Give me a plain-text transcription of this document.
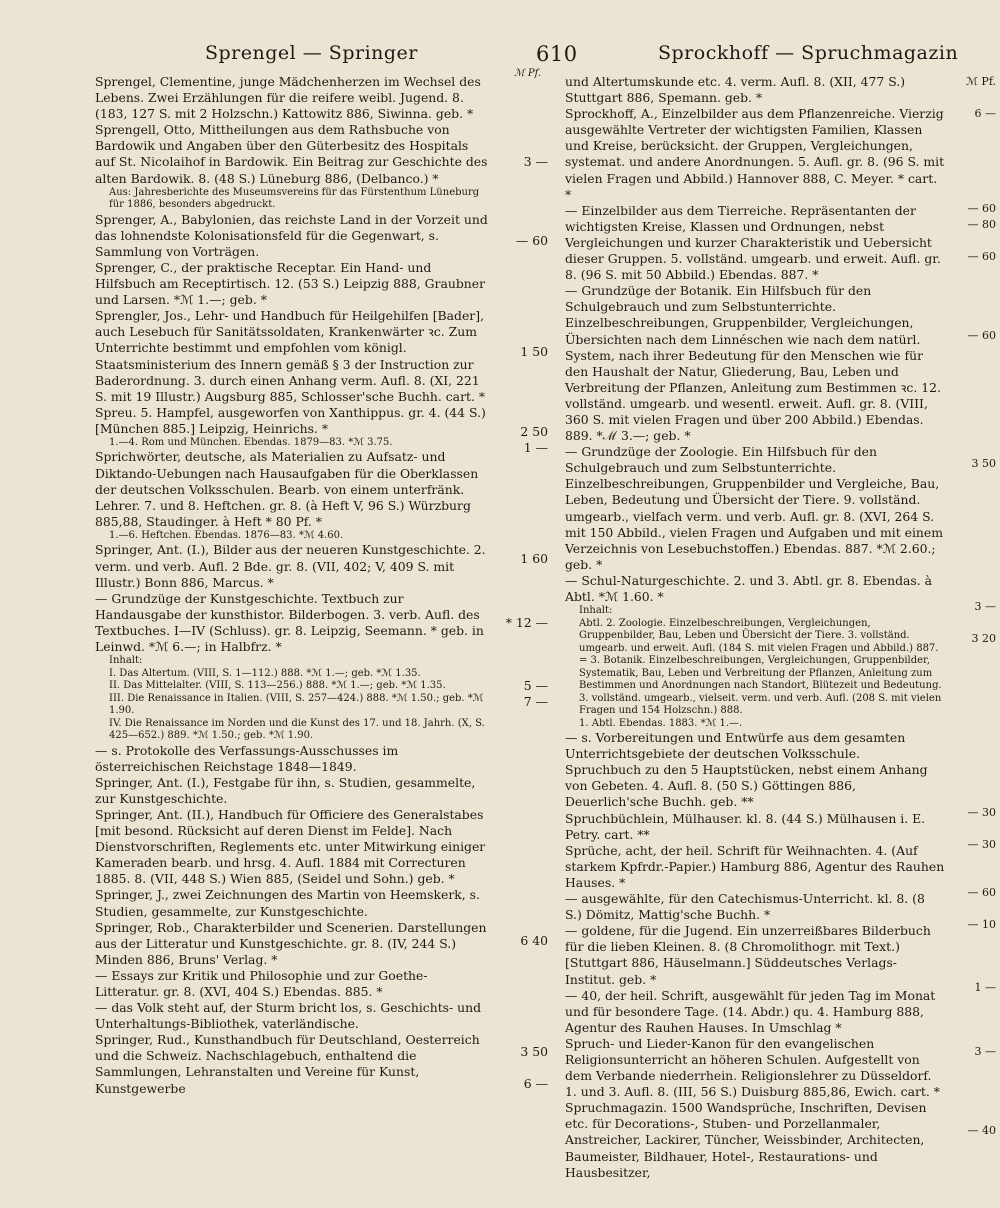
Sprengel — Springer	610	Sprockhoff — Spruchmagazin
Sprengel, Clementine, junge Mädchenherzen im Wechsel des Lebens. Zwei Erzählungen für die reifere weibl. Jugend. 8. (183, 127 S. mit 2 Holzschn.) Kattowitz 886, Siwinna. geb. *
Sprengell, Otto, Mittheilungen aus dem Rathsbuche von Bardowik und Angaben über den Güterbesitz des Hospitals auf St. Nicolaihof in Bardowik. Ein Beitrag zur Geschichte des alten Bardowik. 8. (48 S.) Lüneburg 886, (Delbanco.) *
Aus: Jahresberichte des Museumsvereins für das Fürstenthum Lüneburg für 1886, besonders abgedruckt.
Sprenger, A., Babylonien, das reichste Land in der Vorzeit und das lohnendste Kolonisationsfeld für die Gegenwart, s. Sammlung von Vorträgen.
Sprenger, C., der praktische Receptar. Ein Hand- und Hilfsbuch am Receptirtisch. 12. (53 S.) Leipzig 888, Graubner und Larsen. *ℳ 1.—; geb. *
Sprengler, Jos., Lehr- und Handbuch für Heilgehilfen [Bader], auch Lesebuch für Sanitätssoldaten, Krankenwärter ꝛc. Zum Unterrichte bestimmt und empfohlen vom königl. Staatsministerium des Innern gemäß § 3 der Instruction zur Baderordnung. 3. durch einen Anhang verm. Aufl. 8. (XI, 221 S. mit 19 Illustr.) Augsburg 885, Schlosser'sche Buchh. cart. *
Spreu. 5. Hampfel, ausgeworfen von Xanthippus. gr. 4. (44 S.) [München 885.] Leipzig, Heinrichs. *
1.—4. Rom und München. Ebendas. 1879—83. *ℳ 3.75.
Sprichwörter, deutsche, als Materialien zu Aufsatz- und Diktando-Uebungen nach Hausaufgaben für die Oberklassen der deutschen Volksschulen. Bearb. von einem unterfränk. Lehrer. 7. und 8. Heftchen. gr. 8. (à Heft V, 96 S.) Würzburg 885,88, Staudinger. à Heft * 80 Pf. *
1.—6. Heftchen. Ebendas. 1876—83. *ℳ 4.60.
Springer, Ant. (I.), Bilder aus der neueren Kunstgeschichte. 2. verm. und verb. Aufl. 2 Bde. gr. 8. (VII, 402; V, 409 S. mit Illustr.) Bonn 886, Marcus. *
— Grundzüge der Kunstgeschichte. Textbuch zur Handausgabe der kunsthistor. Bilderbogen. 3. verb. Aufl. des Textbuches. I—IV (Schluss). gr. 8. Leipzig, Seemann. * geb. in Leinwd. *ℳ 6.—; in Halbfrz. *
Inhalt:
I. Das Altertum. (VIII, S. 1—112.) 888. *ℳ 1.—; geb. *ℳ 1.35.
II. Das Mittelalter. (VIII, S. 113—256.) 888. *ℳ 1.—; geb. *ℳ 1.35.
III. Die Renaissance in Italien. (VIII, S. 257—424.) 888. *ℳ 1.50.; geb. *ℳ 1.90.
IV. Die Renaissance im Norden und die Kunst des 17. und 18. Jahrh. (X, S. 425—652.) 889. *ℳ 1.50.; geb. *ℳ 1.90.
— s. Protokolle des Verfassungs-Ausschusses im österreichischen Reichstage 1848—1849.
Springer, Ant. (I.), Festgabe für ihn, s. Studien, gesammelte, zur Kunstgeschichte.
Springer, Ant. (II.), Handbuch für Officiere des Generalstabes [mit besond. Rücksicht auf deren Dienst im Felde]. Nach Dienstvorschriften, Reglements etc. unter Mitwirkung einiger Kameraden bearb. und hrsg. 4. Aufl. 1884 mit Correcturen 1885. 8. (VII, 448 S.) Wien 885, (Seidel und Sohn.) geb. *
Springer, J., zwei Zeichnungen des Martin von Heemskerk, s. Studien, gesammelte, zur Kunstgeschichte.
Springer, Rob., Charakterbilder und Scenerien. Darstellungen aus der Litteratur und Kunstgeschichte. gr. 8. (IV, 244 S.) Minden 886, Bruns' Verlag. *
— Essays zur Kritik und Philosophie und zur Goethe-Litteratur. gr. 8. (XVI, 404 S.) Ebendas. 885. *
— das Volk steht auf, der Sturm bricht los, s. Geschichts- und Unterhaltungs-Bibliothek, vaterländische.
Springer, Rud., Kunsthandbuch für Deutschland, Oesterreich und die Schweiz. Nachschlagebuch, enthaltend die Sammlungen, Lehranstalten und Vereine für Kunst, Kunstgewerbe
ℳ Pf.
3 —
— 60
1 50
2 50
1 —
1 60
* 12 —
5 —
7 —
6 40
3 50
6 —
und Altertumskunde etc. 4. verm. Aufl. 8. (XII, 477 S.) Stuttgart 886, Spemann. geb. *
Sprockhoff, A., Einzelbilder aus dem Pflanzenreiche. Vierzig ausgewählte Vertreter der wichtigsten Familien, Klassen und Kreise, berücksicht. der Gruppen, Vergleichungen, systemat. und andere Anordnungen. 5. Aufl. gr. 8. (96 S. mit vielen Fragen und Abbild.) Hannover 888, C. Meyer. * cart. *
— Einzelbilder aus dem Tierreiche. Repräsentanten der wichtigsten Kreise, Klassen und Ordnungen, nebst Vergleichungen und kurzer Charakteristik und Uebersicht dieser Gruppen. 5. vollständ. umgearb. und erweit. Aufl. gr. 8. (96 S. mit 50 Abbild.) Ebendas. 887. *
— Grundzüge der Botanik. Ein Hilfsbuch für den Schulgebrauch und zum Selbstunterrichte. Einzelbeschreibungen, Gruppenbilder, Vergleichungen, Übersichten nach dem Linnéschen wie nach dem natürl. System, nach ihrer Bedeutung für den Menschen wie für den Haushalt der Natur, Gliederung, Bau, Leben und Verbreitung der Pflanzen, Anleitung zum Bestimmen ꝛc. 12. vollständ. umgearb. und wesentl. erweit. Aufl. gr. 8. (VIII, 360 S. mit vielen Fragen und über 200 Abbild.) Ebendas. 889. *ℳ 3.—; geb. *
— Grundzüge der Zoologie. Ein Hilfsbuch für den Schulgebrauch und zum Selbstunterrichte. Einzelbeschreibungen, Gruppenbilder und Vergleiche, Bau, Leben, Bedeutung und Übersicht der Tiere. 9. vollständ. umgearb., vielfach verm. und verb. Aufl. gr. 8. (XVI, 264 S. mit 150 Abbild., vielen Fragen und Aufgaben und mit einem Verzeichnis von Lesebuchstoffen.) Ebendas. 887. *ℳ 2.60.; geb. *
— Schul-Naturgeschichte. 2. und 3. Abtl. gr. 8. Ebendas. à Abtl. *ℳ 1.60. *
Inhalt:
Abtl. 2. Zoologie. Einzelbeschreibungen, Vergleichungen, Gruppenbilder, Bau, Leben und Übersicht der Tiere. 3. vollständ. umgearb. und erweit. Aufl. (184 S. mit vielen Fragen und Abbild.) 887.
= 3. Botanik. Einzelbeschreibungen, Vergleichungen, Gruppenbilder, Systematik, Bau, Leben und Verbreitung der Pflanzen, Anleitung zum Bestimmen und Anordnungen nach Standort, Blütezeit und Bedeutung. 3. vollständ. umgearb., vielseit. verm. und verb. Aufl. (208 S. mit vielen Fragen und 154 Holzschn.) 888.
1. Abtl. Ebendas. 1883. *ℳ 1.—.
— s. Vorbereitungen und Entwürfe aus dem gesamten Unterrichtsgebiete der deutschen Volksschule.
Spruchbuch zu den 5 Hauptstücken, nebst einem Anhang von Gebeten. 4. Aufl. 8. (50 S.) Göttingen 886, Deuerlich'sche Buchh. geb. **
Spruchbüchlein, Mülhauser. kl. 8. (44 S.) Mülhausen i. E. Petry. cart. **
Sprüche, acht, der heil. Schrift für Weihnachten. 4. (Auf starkem Kpfrdr.-Papier.) Hamburg 886, Agentur des Rauhen Hauses. *
— ausgewählte, für den Catechismus-Unterricht. kl. 8. (8 S.) Dömitz, Mattig'sche Buchh. *
— goldene, für die Jugend. Ein unzerreißbares Bilderbuch für die lieben Kleinen. 8. (8 Chromolithogr. mit Text.) [Stuttgart 886, Häuselmann.] Süddeutsches Verlags-Institut. geb. *
— 40, der heil. Schrift, ausgewählt für jeden Tag im Monat und für besondere Tage. (14. Abdr.) qu. 4. Hamburg 888, Agentur des Rauhen Hauses. In Umschlag *
Spruch- und Lieder-Kanon für den evangelischen Religionsunterricht an höheren Schulen. Aufgestellt von dem Verbande niederrhein. Religionslehrer zu Düsseldorf. 1. und 3. Aufl. 8. (III, 56 S.) Duisburg 885,86, Ewich. cart. *
Spruchmagazin. 1500 Wandsprüche, Inschriften, Devisen etc. für Decorations-, Stuben- und Porzellanmaler, Anstreicher, Lackirer, Tüncher, Weissbinder, Architecten, Baumeister, Bildhauer, Hotel-, Restaurations- und Hausbesitzer,
ℳ Pf.
6 —
— 60
— 80
— 60
— 60
3 50
3 —
3 20
— 30
— 30
— 60
— 10
1 —
3 —
— 40
